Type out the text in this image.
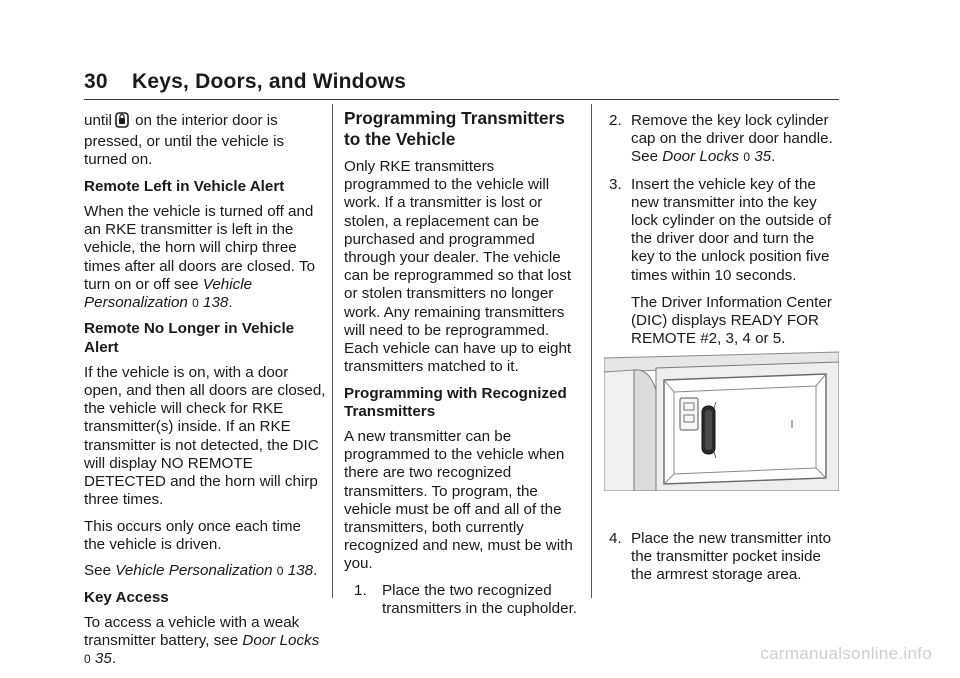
30 Keys, Doors, and Windows

until on the interior door is pressed, or until the vehicle is turned on.

Remote Left in Vehicle Alert

When the vehicle is turned off and an RKE transmitter is left in the vehicle, the horn will chirp three times after all doors are closed. To turn on or off see Vehicle Personalization 0 138.

Remote No Longer in Vehicle Alert

If the vehicle is on, with a door open, and then all doors are closed, the vehicle will check for RKE transmitter(s) inside. If an RKE transmitter is not detected, the DIC will display NO REMOTE DETECTED and the horn will chirp three times.

This occurs only once each time the vehicle is driven.

See Vehicle Personalization 0 138.

Key Access

To access a vehicle with a weak transmitter battery, see Door Locks
0 35.

Programming Transmitters to the Vehicle

Only RKE transmitters programmed to the vehicle will work. If a transmitter is lost or stolen, a replacement can be purchased and programmed through your dealer. The vehicle can be reprogrammed so that lost or stolen transmitters no longer work. Any remaining transmitters will need to be reprogrammed. Each vehicle can have up to eight transmitters matched to it.

Programming with Recognized Transmitters

A new transmitter can be programmed to the vehicle when there are two recognized transmitters. To program, the vehicle must be off and all of the transmitters, both currently recognized and new, must be with you.

1.	Place the two recognized transmitters in the cupholder.
2. Remove the key lock cylinder cap on the driver door handle. See Door Locks 0 35.
3. Insert the vehicle key of the new transmitter into the key lock cylinder on the outside of the driver door and turn the key to the unlock position five times within 10 seconds.

The Driver Information Center (DIC) displays READY FOR REMOTE #2, 3, 4 or 5.

4. Place the new transmitter into the transmitter pocket inside the armrest storage area.
carmanualsonline.info
